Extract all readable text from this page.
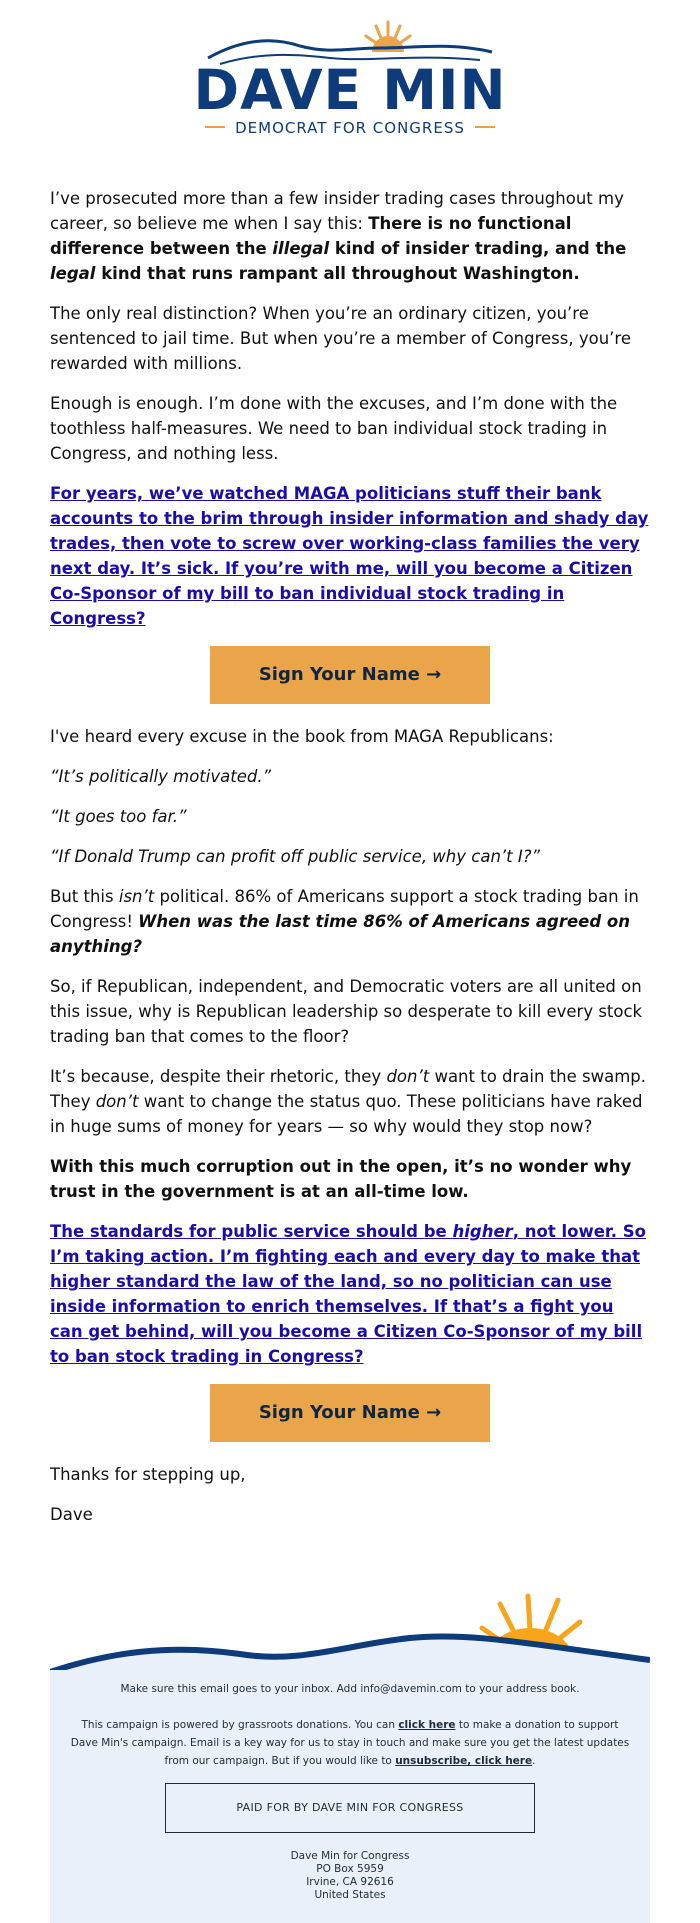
DAVE MIN
DEMOCRAT FOR CONGRESS

I’ve prosecuted more than a few insider trading cases throughout my career, so believe me when I say this: There is no functional difference between the illegal kind of insider trading, and the legal kind that runs rampant all throughout Washington.

The only real distinction? When you’re an ordinary citizen, you’re sentenced to jail time. But when you’re a member of Congress, you’re rewarded with millions.

Enough is enough. I’m done with the excuses, and I’m done with the toothless half-measures. We need to ban individual stock trading in Congress, and nothing less.

For years, we’ve watched MAGA politicians stuff their bank accounts to the brim through insider information and shady day trades, then vote to screw over working-class families the very next day. It’s sick. If you’re with me, will you become a Citizen Co-Sponsor of my bill to ban individual stock trading in Congress?

Sign Your Name →

I've heard every excuse in the book from MAGA Republicans:

“It’s politically motivated.”

“It goes too far.”

“If Donald Trump can profit off public service, why can’t I?”

But this isn’t political. 86% of Americans support a stock trading ban in Congress! When was the last time 86% of Americans agreed on anything?

So, if Republican, independent, and Democratic voters are all united on this issue, why is Republican leadership so desperate to kill every stock trading ban that comes to the floor?

It’s because, despite their rhetoric, they don’t want to drain the swamp. They don’t want to change the status quo. These politicians have raked in huge sums of money for years — so why would they stop now?

With this much corruption out in the open, it’s no wonder why trust in the government is at an all-time low.

The standards for public service should be higher, not lower. So I’m taking action. I’m fighting each and every day to make that higher standard the law of the land, so no politician can use inside information to enrich themselves. If that’s a fight you can get behind, will you become a Citizen Co-Sponsor of my bill to ban stock trading in Congress?

Sign Your Name →

Thanks for stepping up,

Dave

Make sure this email goes to your inbox. Add info@davemin.com to your address book.
This campaign is powered by grassroots donations. You can click here to make a donation to support Dave Min's campaign. Email is a key way for us to stay in touch and make sure you get the latest updates from our campaign. But if you would like to unsubscribe, click here.
PAID FOR BY DAVE MIN FOR CONGRESS
Dave Min for Congress
PO Box 5959
Irvine, CA 92616
United States
